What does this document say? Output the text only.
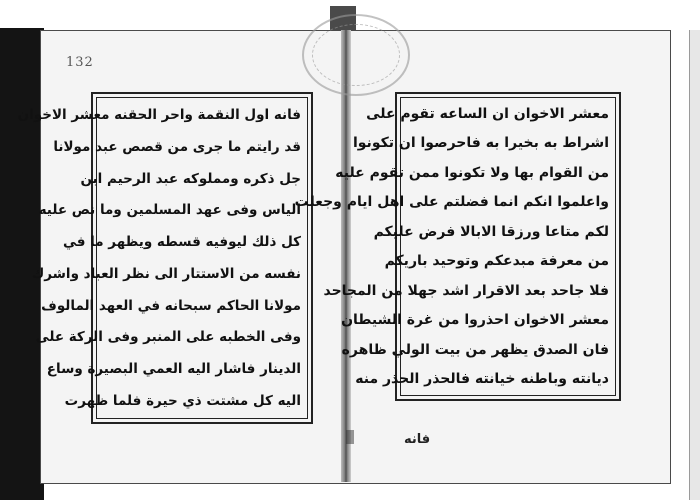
132
فانه اول النقمة واحر الحقنه معشر الاخوان
قد رايتم ما جرى من قصص عبد مولانا
جل ذكره ومملوكه عبد الرحيم ابن
الياس وفى عهد المسلمين وما نص عليه
كل ذلك ليوفيه قسطه ويظهر ما في
نفسه من الاستتار الى نظر العباد واشرك
مولانا الحاكم سبحانه في العهد المالوف
وفى الخطبه على المنبر وفى الركة على
الدينار فاشار اليه العمي البصيرة وساع
اليه كل مشتت ذي حيرة فلما ظهرت
معشر الاخوان ان الساعه تقوم على
اشراط به بخيرا به فاحرصوا ان تكونوا
من القوام بها ولا تكونوا ممن تقوم عليه
واعلموا انكم انما فضلتم على اهل ايام وجعلت
لكم متاعا ورزقا الابالا فرض عليكم
من معرفة مبدعكم وتوحيد باريكم
فلا جاحد بعد الاقرار اشد جهلا من المجاحد
معشر الاخوان احذروا من غرة الشيطان
فان الصدق يظهر من بيت الولي ظاهره
ديانته وباطنه خيانته فالحذر الحذر منه
فانه
